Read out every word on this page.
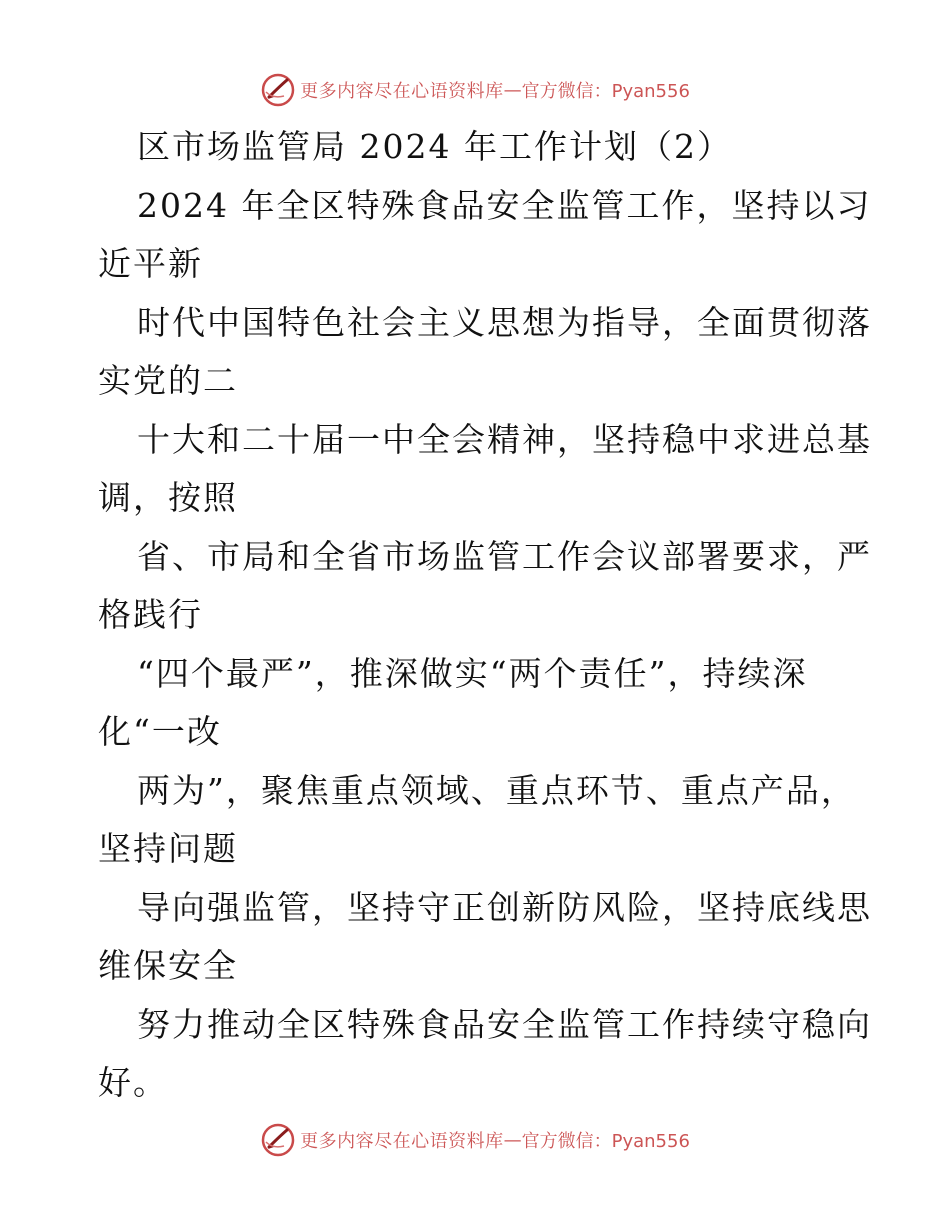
更多内容尽在心语资料库 — 官方微信：Pyan556
区市场监管局 2024 年工作计划（2）
2024 年全区特殊食品安全监管工作，坚持以习
近平新
时代中国特色社会主义思想为指导，全面贯彻落
实党的二
十大和二十届一中全会精神，坚持稳中求进总基
调，按照
省、市局和全省市场监管工作会议部署要求，严
格践行
“四个最严”，推深做实“两个责任”，持续深
化“一改
两为”，聚焦重点领域、重点环节、重点产品，
坚持问题
导向强监管，坚持守正创新防风险，坚持底线思
维保安全
努力推动全区特殊食品安全监管工作持续守稳向
好。
更多内容尽在心语资料库 — 官方微信：Pyan556
